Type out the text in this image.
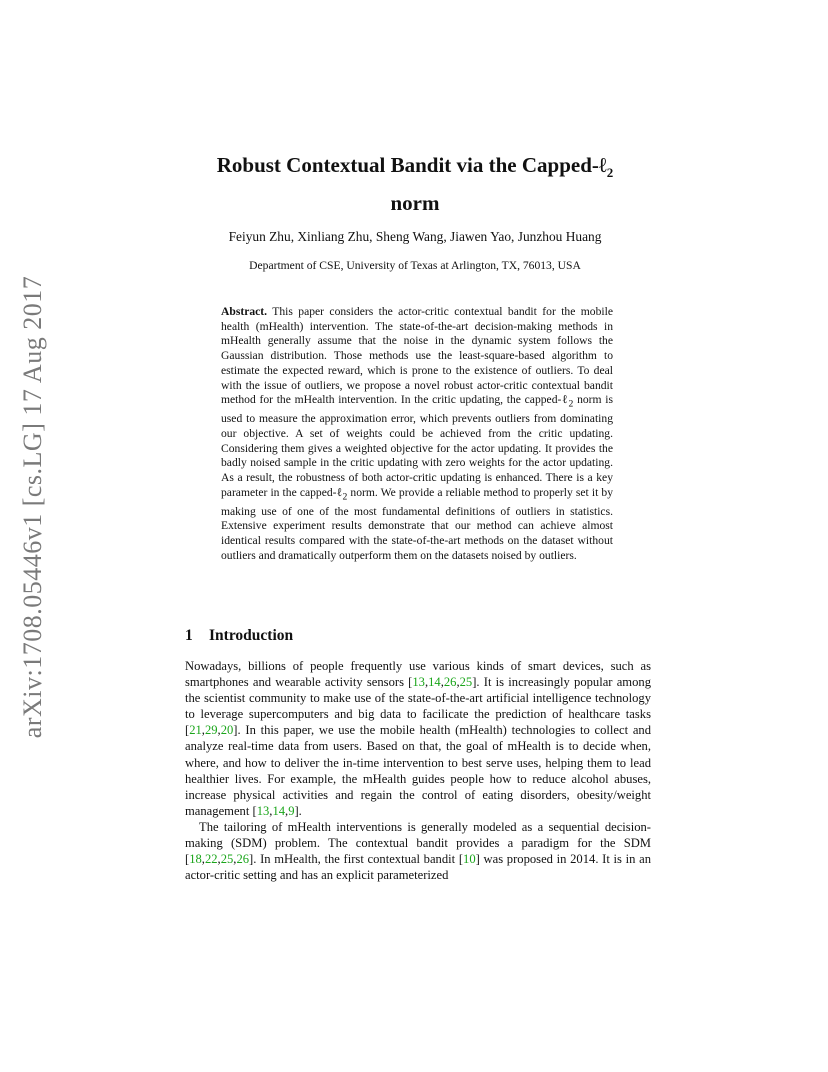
arXiv:1708.05446v1 [cs.LG] 17 Aug 2017
Robust Contextual Bandit via the Capped-ℓ$_2$
norm
Feiyun Zhu, Xinliang Zhu, Sheng Wang, Jiawen Yao, Junzhou Huang
Department of CSE, University of Texas at Arlington, TX, 76013, USA
Abstract. This paper considers the actor-critic contextual bandit for the mobile health (mHealth) intervention. The state-of-the-art decision-making methods in mHealth generally assume that the noise in the dynamic system follows the Gaussian distribution. Those methods use the least-square-based algorithm to estimate the expected reward, which is prone to the existence of outliers. To deal with the issue of outliers, we propose a novel robust actor-critic contextual bandit method for the mHealth intervention. In the critic updating, the capped-ℓ$_2$ norm is used to measure the approximation error, which prevents outliers from dominating our objective. A set of weights could be achieved from the critic updating. Considering them gives a weighted objective for the actor updating. It provides the badly noised sample in the critic updating with zero weights for the actor updating. As a result, the robustness of both actor-critic updating is enhanced. There is a key parameter in the capped-ℓ$_2$ norm. We provide a reliable method to properly set it by making use of one of the most fundamental definitions of outliers in statistics. Extensive experiment results demonstrate that our method can achieve almost identical results compared with the state-of-the-art methods on the dataset without outliers and dramatically outperform them on the datasets noised by outliers.
1 Introduction

Nowadays, billions of people frequently use various kinds of smart devices, such as smartphones and wearable activity sensors [13,14,26,25]. It is increasingly popular among the scientist community to make use of the state-of-the-art artificial intelligence technology to leverage supercomputers and big data to facilicate the prediction of healthcare tasks [21,29,20]. In this paper, we use the mobile health (mHealth) technologies to collect and analyze real-time data from users. Based on that, the goal of mHealth is to decide when, where, and how to deliver the in-time intervention to best serve uses, helping them to lead healthier lives. For example, the mHealth guides people how to reduce alcohol abuses, increase physical activities and regain the control of eating disorders, obesity/weight management [13,14,9].

The tailoring of mHealth interventions is generally modeled as a sequential decision-making (SDM) problem. The contextual bandit provides a paradigm for the SDM [18,22,25,26]. In mHealth, the first contextual bandit [10] was proposed in 2014. It is in an actor-critic setting and has an explicit parameterized
